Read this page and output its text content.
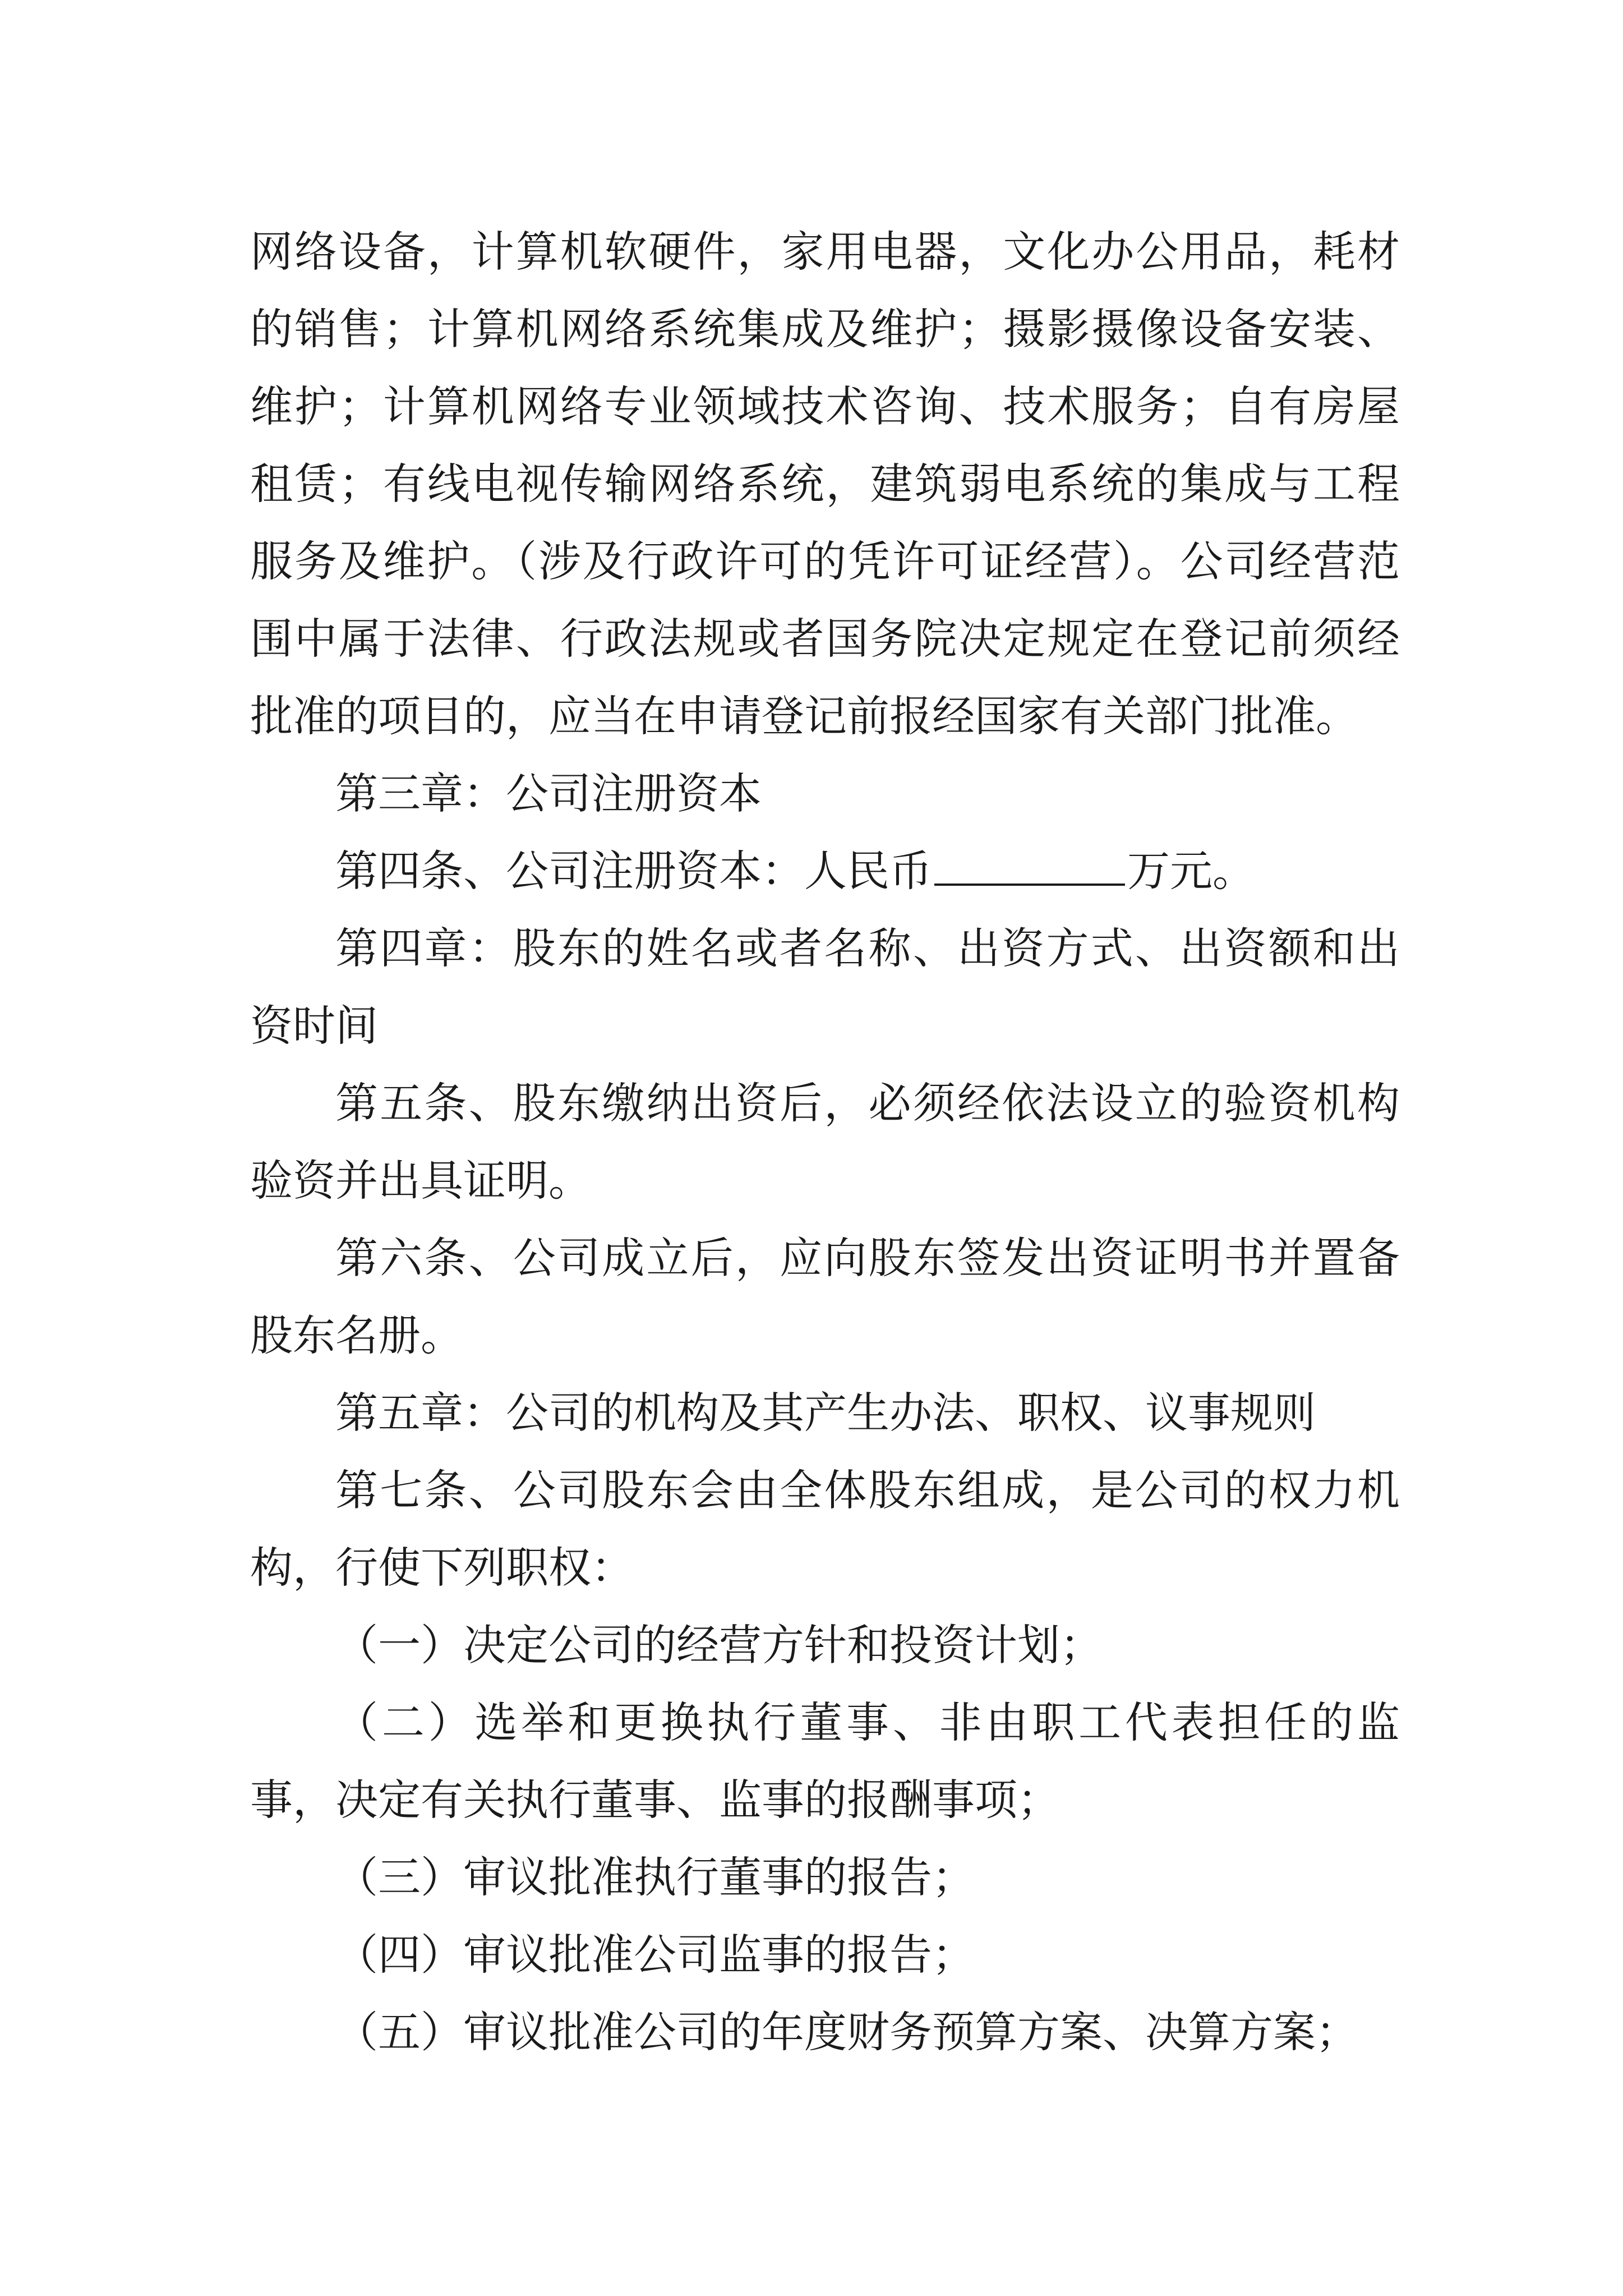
网络设备，计算机软硬件，家用电器，文化办公用品，耗材的销售；计算机网络系统集成及维护；摄影摄像设备安装、维护；计算机网络专业领域技术咨询、技术服务；自有房屋租赁；有线电视传输网络系统，建筑弱电系统的集成与工程服务及维护。（涉及行政许可的凭许可证经营）。公司经营范围中属于法律、行政法规或者国务院决定规定在登记前须经批准的项目的，应当在申请登记前报经国家有关部门批准。

第三章：公司注册资本

第四条、公司注册资本：人民币	万元。

第四章：股东的姓名或者名称、出资方式、出资额和出资时间

第五条、股东缴纳出资后，必须经依法设立的验资机构验资并出具证明。

第六条、公司成立后，应向股东签发出资证明书并置备股东名册。

第五章：公司的机构及其产生办法、职权、议事规则

第七条、公司股东会由全体股东组成，是公司的权力机构，行使下列职权：

（一）决定公司的经营方针和投资计划；

（二）选举和更换执行董事、非由职工代表担任的监事，决定有关执行董事、监事的报酬事项；

（三）审议批准执行董事的报告；

（四）审议批准公司监事的报告；

（五）审议批准公司的年度财务预算方案、决算方案；
